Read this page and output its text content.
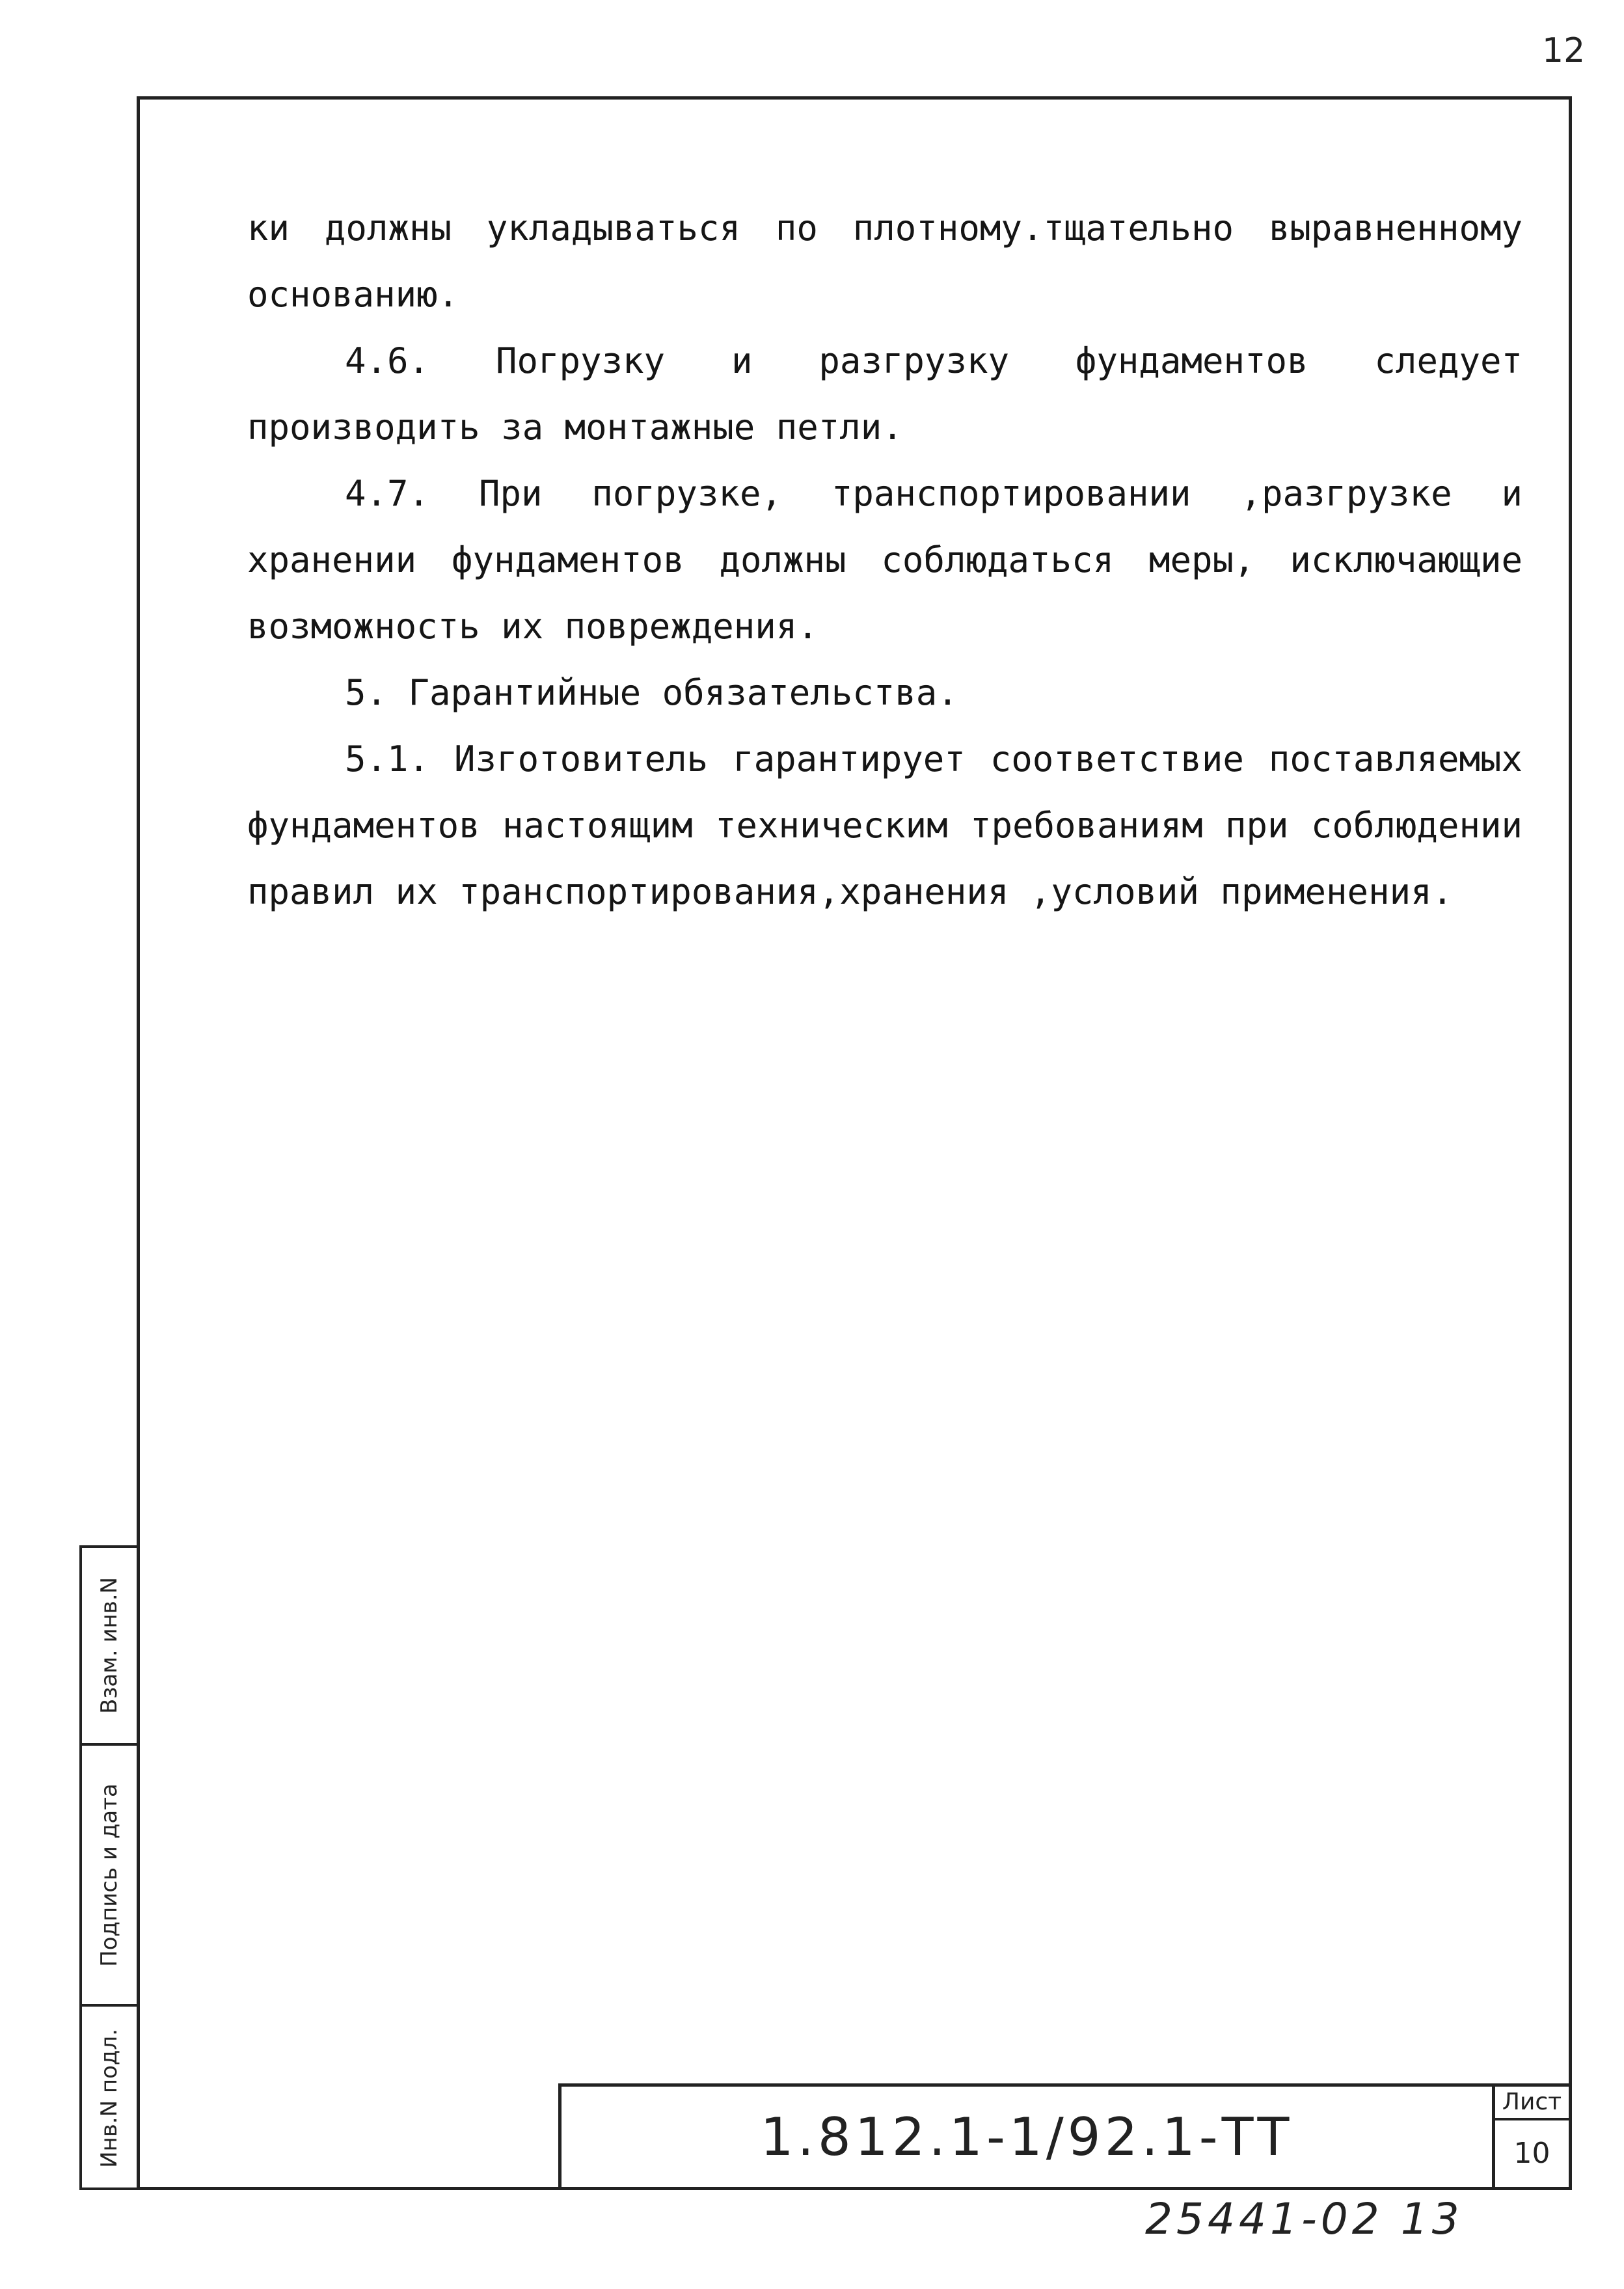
12

ки должны укладываться по плотному.тщательно выравненному основанию.

4.6. Погрузку и разгрузку фундаментов следует производить за монтажные петли.

4.7. При погрузке, транспортировании ,разгрузке и хранении фундаментов должны соблюдаться меры, исключающие возможность их повреждения.

5. Гарантийные обязательства.

5.1. Изготовитель гарантирует соответствие поставляемых фундаментов настоящим техническим требованиям при соблюдении правил их транспортирования,хранения ,условий применения.

Взам. инв.N
Подпись и дата
Инв.N подл.	1.812.1-1/92.1-ТТ
Лист
10
25441-02 13
